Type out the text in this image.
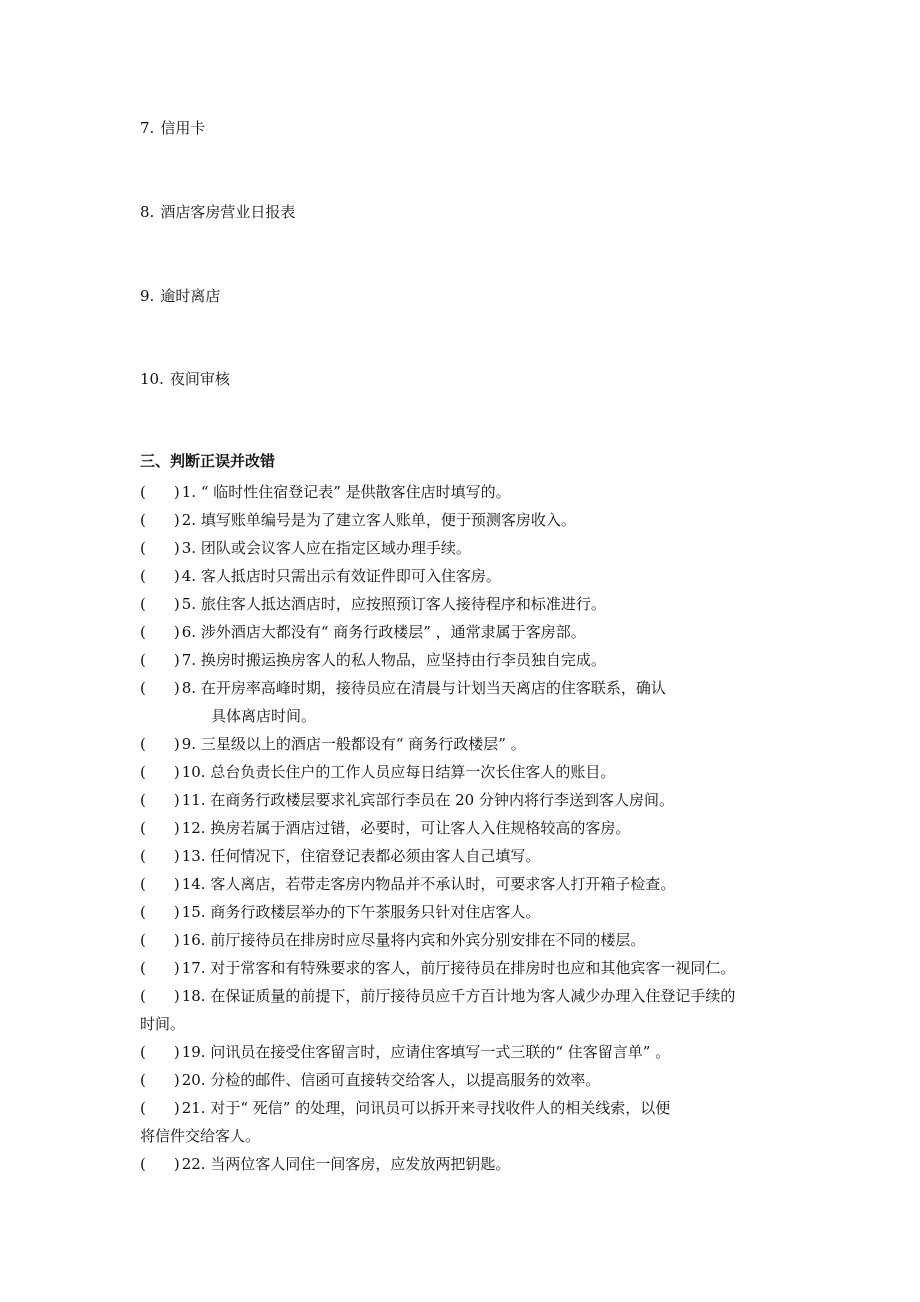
7. 信用卡
8. 酒店客房营业日报表
9. 逾时离店
10. 夜间审核
三、判断正误并改错
( ) 1. “ 临时性住宿登记表” 是供散客住店时填写的。
( ) 2. 填写账单编号是为了建立客人账单，便于预测客房收入。
( ) 3. 团队或会议客人应在指定区域办理手续。
( ) 4. 客人抵店时只需出示有效证件即可入住客房。
( ) 5. 旅住客人抵达酒店时，应按照预订客人接待程序和标准进行。
( ) 6. 涉外酒店大都没有“ 商务行政楼层” ，通常隶属于客房部。
( ) 7. 换房时搬运换房客人的私人物品，应坚持由行李员独自完成。
( ) 8. 在开房率高峰时期，接待员应在清晨与计划当天离店的住客联系，确认
具体离店时间。
( ) 9. 三星级以上的酒店一般都设有“ 商务行政楼层” 。
( ) 10. 总台负责长住户的工作人员应每日结算一次长住客人的账目。
( ) 11. 在商务行政楼层要求礼宾部行李员在 20 分钟内将行李送到客人房间。
( ) 12. 换房若属于酒店过错，必要时，可让客人入住规格较高的客房。
( ) 13. 任何情况下，住宿登记表都必须由客人自己填写。
( ) 14. 客人离店，若带走客房内物品并不承认时，可要求客人打开箱子检查。
( ) 15. 商务行政楼层举办的下午茶服务只针对住店客人。
( ) 16. 前厅接待员在排房时应尽量将内宾和外宾分别安排在不同的楼层。
( ) 17. 对于常客和有特殊要求的客人，前厅接待员在排房时也应和其他宾客一视同仁。
( ) 18. 在保证质量的前提下，前厅接待员应千方百计地为客人减少办理入住登记手续的
时间。
( ) 19. 问讯员在接受住客留言时，应请住客填写一式三联的“ 住客留言单” 。
( ) 20. 分检的邮件、信函可直接转交给客人，以提高服务的效率。
( ) 21. 对于“ 死信” 的处理，问讯员可以拆开来寻找收件人的相关线索，以便
将信件交给客人。
( ) 22. 当两位客人同住一间客房，应发放两把钥匙。
